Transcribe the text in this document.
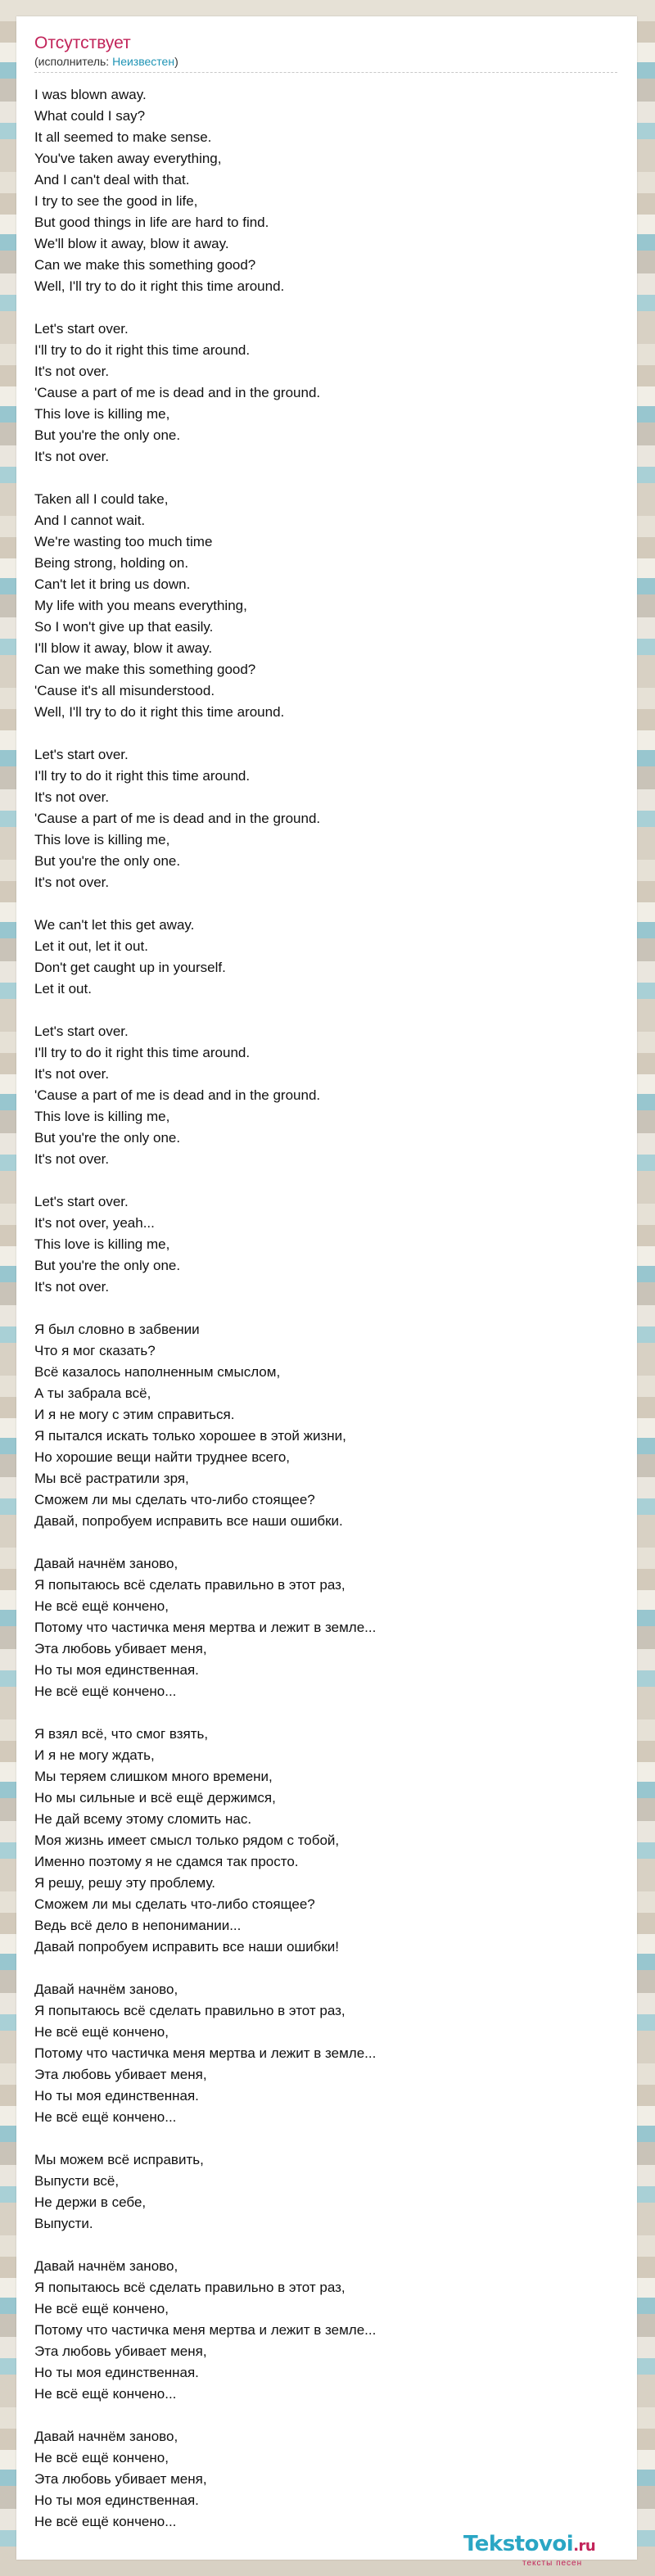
Отсутствует
(исполнитель: Неизвестен)
I was blown away.
What could I say?
It all seemed to make sense.
You've taken away everything,
And I can't deal with that.
I try to see the good in life,
But good things in life are hard to find.
We'll blow it away, blow it away.
Can we make this something good?
Well, I'll try to do it right this time around.
Let's start over.
I'll try to do it right this time around.
It's not over.
'Cause a part of me is dead and in the ground.
This love is killing me,
But you're the only one.
It's not over.
Taken all I could take,
And I cannot wait.
We're wasting too much time
Being strong, holding on.
Can't let it bring us down.
My life with you means everything,
So I won't give up that easily.
I'll blow it away, blow it away.
Can we make this something good?
'Cause it's all misunderstood.
Well, I'll try to do it right this time around.
Let's start over.
I'll try to do it right this time around.
It's not over.
'Cause a part of me is dead and in the ground.
This love is killing me,
But you're the only one.
It's not over.
We can't let this get away.
Let it out, let it out.
Don't get caught up in yourself.
Let it out.
Let's start over.
I'll try to do it right this time around.
It's not over.
'Cause a part of me is dead and in the ground.
This love is killing me,
But you're the only one.
It's not over.
Let's start over.
It's not over, yeah...
This love is killing me,
But you're the only one.
It's not over.
Я был словно в забвении
Что я мог сказать?
Всё казалось наполненным смыслом,
А ты забрала всё,
И я не могу с этим справиться.
Я пытался искать только хорошее в этой жизни,
Но хорошие вещи найти труднее всего,
Мы всё растратили зря,
Сможем ли мы сделать что-либо стоящее?
Давай, попробуем исправить все наши ошибки.
Давай начнём заново,
Я попытаюсь всё сделать правильно в этот раз,
Не всё ещё кончено,
Потому что частичка меня мертва и лежит в земле...
Эта любовь убивает меня,
Но ты моя единственная.
Не всё ещё кончено...
Я взял всё, что смог взять,
И я не могу ждать,
Мы теряем слишком много времени,
Но мы сильные и всё ещё держимся,
Не дай всему этому сломить нас.
Моя жизнь имеет смысл только рядом с тобой,
Именно поэтому я не сдамся так просто.
Я решу, решу эту проблему.
Сможем ли мы сделать что-либо стоящее?
Ведь всё дело в непонимании...
Давай попробуем исправить все наши ошибки!
Давай начнём заново,
Я попытаюсь всё сделать правильно в этот раз,
Не всё ещё кончено,
Потому что частичка меня мертва и лежит в земле...
Эта любовь убивает меня,
Но ты моя единственная.
Не всё ещё кончено...
Мы можем всё исправить,
Выпусти всё,
Не держи в себе,
Выпусти.
Давай начнём заново,
Я попытаюсь всё сделать правильно в этот раз,
Не всё ещё кончено,
Потому что частичка меня мертва и лежит в земле...
Эта любовь убивает меня,
Но ты моя единственная.
Не всё ещё кончено...
Давай начнём заново,
Не всё ещё кончено,
Эта любовь убивает меня,
Но ты моя единственная.
Не всё ещё кончено...
Tekstovoi.ru
тексты песен
